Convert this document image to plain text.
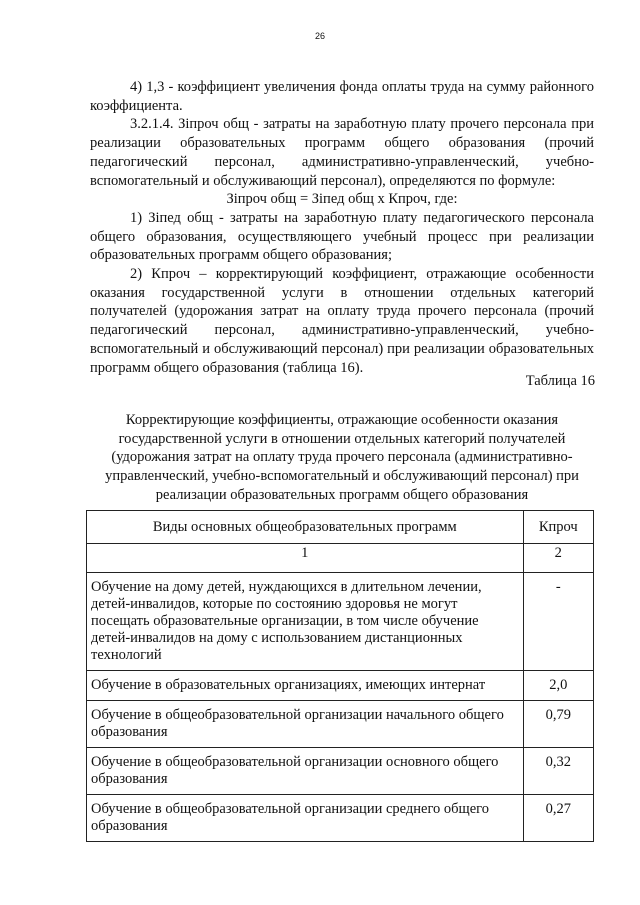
26

4) 1,3 - коэффициент увеличения фонда оплаты труда на сумму районного коэффициента.

3.2.1.4. Зіпроч общ - затраты на заработную плату прочего персонала при реализации образовательных программ общего образования (прочий педагогический персонал, административно-управленческий, учебно-вспомогательный и обслуживающий персонал), определяются по формуле:

Зіпроч общ = Зіпед общ х Кпроч, где:

1) Зіпед общ - затраты на заработную плату педагогического персонала общего образования, осуществляющего учебный процесс при реализации образовательных программ общего образования;

2) Кпроч – корректирующий коэффициент, отражающие особенности оказания государственной услуги в отношении отдельных категорий получателей (удорожания затрат на оплату труда прочего персонала (прочий педагогический персонал, административно-управленческий, учебно-вспомогательный и обслуживающий персонал) при реализации образовательных программ общего образования (таблица 16).

Таблица 16
Корректирующие коэффициенты, отражающие особенности оказания государственной услуги в отношении отдельных категорий получателей (удорожания затрат на оплату труда прочего персонала (административно-управленческий, учебно-вспомогательный и обслуживающий персонал) при реализации образовательных программ общего образования
Виды основных общеобразовательных программ	Кпроч
1	2
Обучение на дому детей, нуждающихся в длительном лечении, детей-инвалидов, которые по состоянию здоровья не могут посещать образовательные организации, в том числе обучение детей-инвалидов на дому с использованием дистанционных технологий	-
Обучение в образовательных организациях, имеющих интернат	2,0
Обучение в общеобразовательной организации начального общего образования	0,79
Обучение в общеобразовательной организации основного общего образования	0,32
Обучение в общеобразовательной организации среднего общего образования	0,27
